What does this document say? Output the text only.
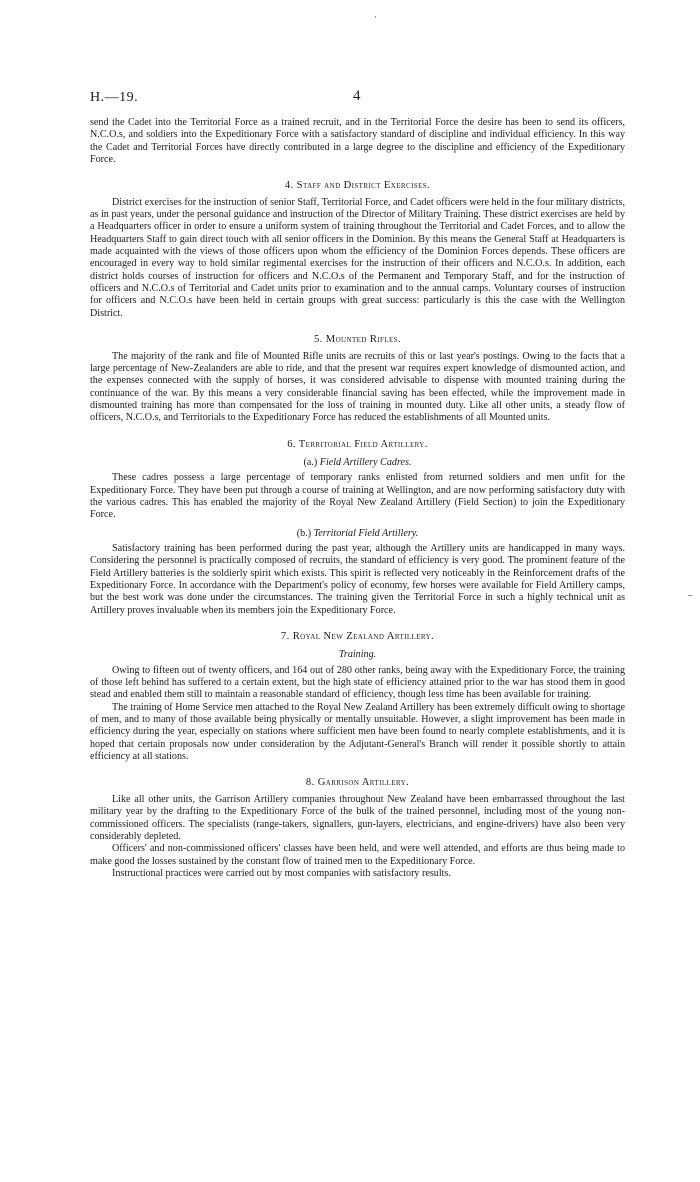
H.—19.	4

send the Cadet into the Territorial Force as a trained recruit, and in the Territorial Force the desire has been to send its officers, N.C.O.s, and soldiers into the Expeditionary Force with a satisfactory standard of discipline and individual efficiency. In this way the Cadet and Territorial Forces have directly contributed in a large degree to the discipline and efficiency of the Expeditionary Force.

4. Staff and District Exercises.

District exercises for the instruction of senior Staff, Territorial Force, and Cadet officers were held in the four military districts, as in past years, under the personal guidance and instruction of the Director of Military Training. These district exercises are held by a Headquarters officer in order to ensure a uniform system of training throughout the Territorial and Cadet Forces, and to allow the Headquarters Staff to gain direct touch with all senior officers in the Dominion. By this means the General Staff at Headquarters is made acquainted with the views of those officers upon whom the efficiency of the Dominion Forces depends. These officers are encouraged in every way to hold similar regimental exercises for the instruction of their officers and N.C.O.s. In addition, each district holds courses of instruction for officers and N.C.O.s of the Permanent and Temporary Staff, and for the instruction of officers and N.C.O.s of Territorial and Cadet units prior to examination and to the annual camps. Voluntary courses of instruction for officers and N.C.O.s have been held in certain groups with great success: particularly is this the case with the Wellington District.

5. Mounted Rifles.

The majority of the rank and file of Mounted Rifle units are recruits of this or last year's postings. Owing to the facts that a large percentage of New-Zealanders are able to ride, and that the present war requires expert knowledge of dismounted action, and the expenses connected with the supply of horses, it was considered advisable to dispense with mounted training during the continuance of the war. By this means a very considerable financial saving has been effected, while the improvement made in dismounted training has more than compensated for the loss of training in mounted duty. Like all other units, a steady flow of officers, N.C.O.s, and Territorials to the Expeditionary Force has reduced the establishments of all Mounted units.

6. Territorial Field Artillery.
(a.) Field Artillery Cadres.

These cadres possess a large percentage of temporary ranks enlisted from returned soldiers and men unfit for the Expeditionary Force. They have been put through a course of training at Wellington, and are now performing satisfactory duty with the various cadres. This has enabled the majority of the Royal New Zealand Artillery (Field Section) to join the Expeditionary Force.

(b.) Territorial Field Artillery.

Satisfactory training has been performed during the past year, although the Artillery units are handicapped in many ways. Considering the personnel is practically composed of recruits, the standard of efficiency is very good. The prominent feature of the Field Artillery batteries is the soldierly spirit which exists. This spirit is reflected very noticeably in the Reinforcement drafts of the Expeditionary Force. In accordance with the Department's policy of economy, few horses were available for Field Artillery camps, but the best work was done under the circumstances. The training given the Territorial Force in such a highly technical unit as Artillery proves invaluable when its members join the Expeditionary Force.

7. Royal New Zealand Artillery.
Training.

Owing to fifteen out of twenty officers, and 164 out of 280 other ranks, being away with the Expeditionary Force, the training of those left behind has suffered to a certain extent, but the high state of efficiency attained prior to the war has stood them in good stead and enabled them still to maintain a reasonable standard of efficiency, though less time has been available for training.

The training of Home Service men attached to the Royal New Zealand Artillery has been extremely difficult owing to shortage of men, and to many of those available being physically or mentally unsuitable. However, a slight improvement has been made in efficiency during the year, especially on stations where sufficient men have been found to nearly complete establishments, and it is hoped that certain proposals now under consideration by the Adjutant-General's Branch will render it possible shortly to attain efficiency at all stations.

8. Garrison Artillery.

Like all other units, the Garrison Artillery companies throughout New Zealand have been embarrassed throughout the last military year by the drafting to the Expeditionary Force of the bulk of the trained personnel, including most of the young non-commissioned officers. The specialists (range-takers, signallers, gun-layers, electricians, and engine-drivers) have also been very considerably depleted.

Officers' and non-commissioned officers' classes have been held, and were well attended, and efforts are thus being made to make good the losses sustained by the constant flow of trained men to the Expeditionary Force.

Instructional practices were carried out by most companies with satisfactory results.

·
–
